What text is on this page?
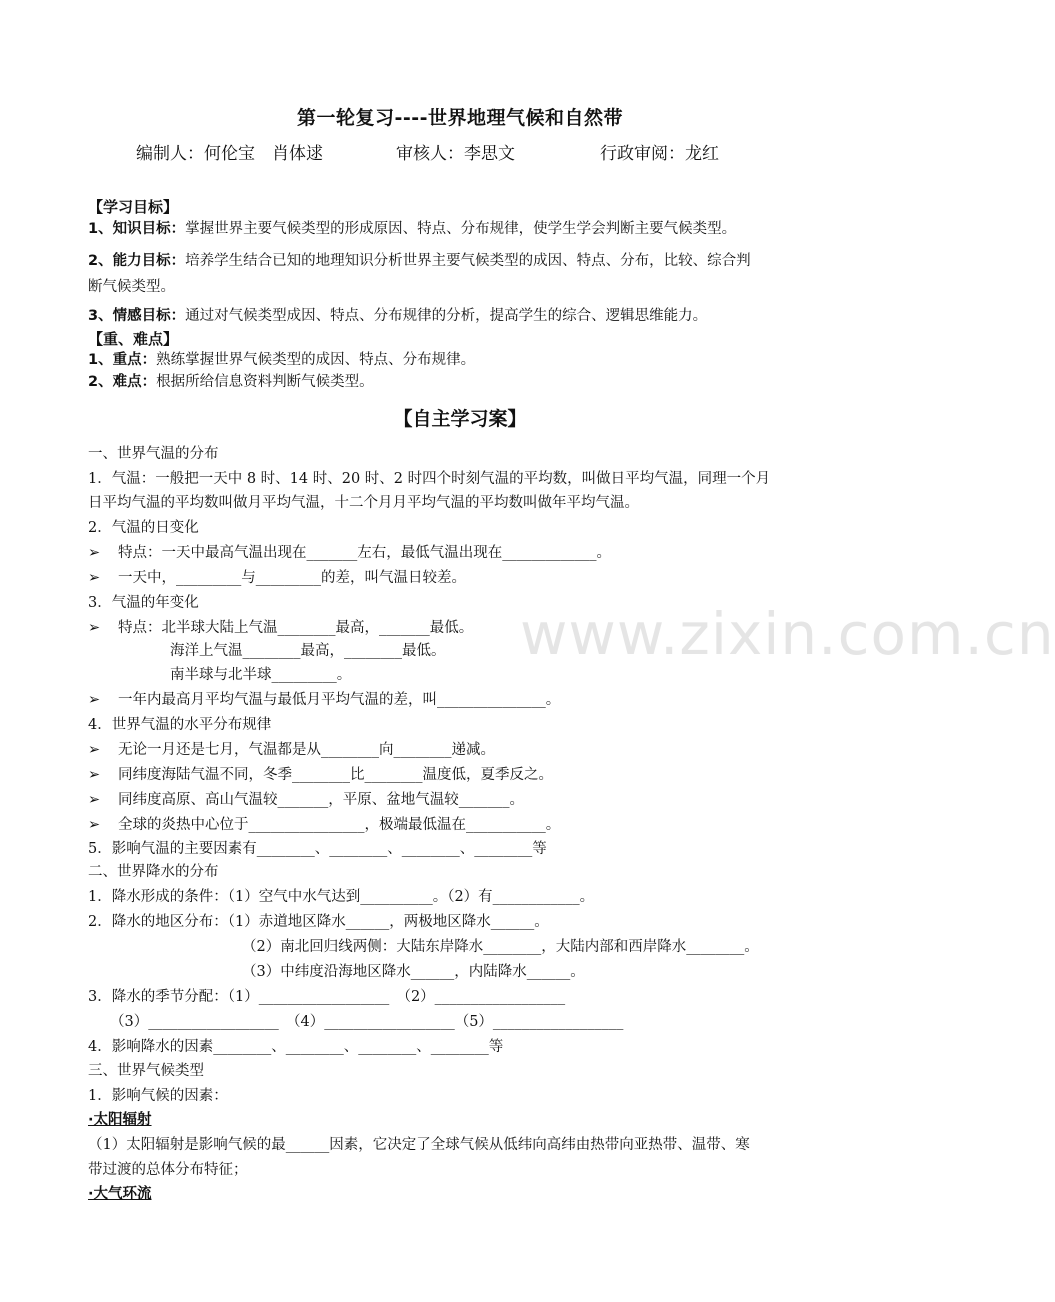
第一轮复习----世界地理气候和自然带
编制人：何伦宝　肖体逑	审核人：李思文	行政审阅：龙红
【学习目标】
1、知识目标：掌握世界主要气候类型的形成原因、特点、分布规律，使学生学会判断主要气候类型。
2、能力目标：培养学生结合已知的地理知识分析世界主要气候类型的成因、特点、分布，比较、综合判
断气候类型。
3、情感目标：通过对气候类型成因、特点、分布规律的分析，提高学生的综合、逻辑思维能力。
【重、难点】
1、重点：熟练掌握世界气候类型的成因、特点、分布规律。
2、难点：根据所给信息资料判断气候类型。
【自主学习案】
一、世界气温的分布
1．气温：一般把一天中 8 时、14 时、20 时、2 时四个时刻气温的平均数，叫做日平均气温，同理一个月
日平均气温的平均数叫做月平均气温，十二个月月平均气温的平均数叫做年平均气温。
2．气温的日变化
➢ 特点：一天中最高气温出现在_______左右，最低气温出现在_____________。
➢ 一天中，_________与_________的差，叫气温日较差。
3．气温的年变化
➢ 特点：北半球大陆上气温________最高，_______最低。
海洋上气温________最高，________最低。
南半球与北半球_________。
➢ 一年内最高月平均气温与最低月平均气温的差，叫_______________。
4．世界气温的水平分布规律
➢ 无论一月还是七月，气温都是从________向________递减。
➢ 同纬度海陆气温不同，冬季________比________温度低，夏季反之。
➢ 同纬度高原、高山气温较_______，平原、盆地气温较_______。
➢ 全球的炎热中心位于________________，极端最低温在___________。
5．影响气温的主要因素有________、________、________、________等
二、世界降水的分布
1．降水形成的条件：（1）空气中水气达到__________。（2）有____________。
2．降水的地区分布：（1）赤道地区降水______，两极地区降水______。
（2）南北回归线两侧：大陆东岸降水________，大陆内部和西岸降水________。
（3）中纬度沿海地区降水______，内陆降水______。
3．降水的季节分配：（1）__________________　（2）__________________
（3）__________________　（4）__________________（5）__________________
4．影响降水的因素________、________、________、________等
三、世界气候类型
1．影响气候的因素：
·太阳辐射
（1）太阳辐射是影响气候的最______因素，它决定了全球气候从低纬向高纬由热带向亚热带、温带、寒
带过渡的总体分布特征；
·大气环流
www.zixin.com.cn
